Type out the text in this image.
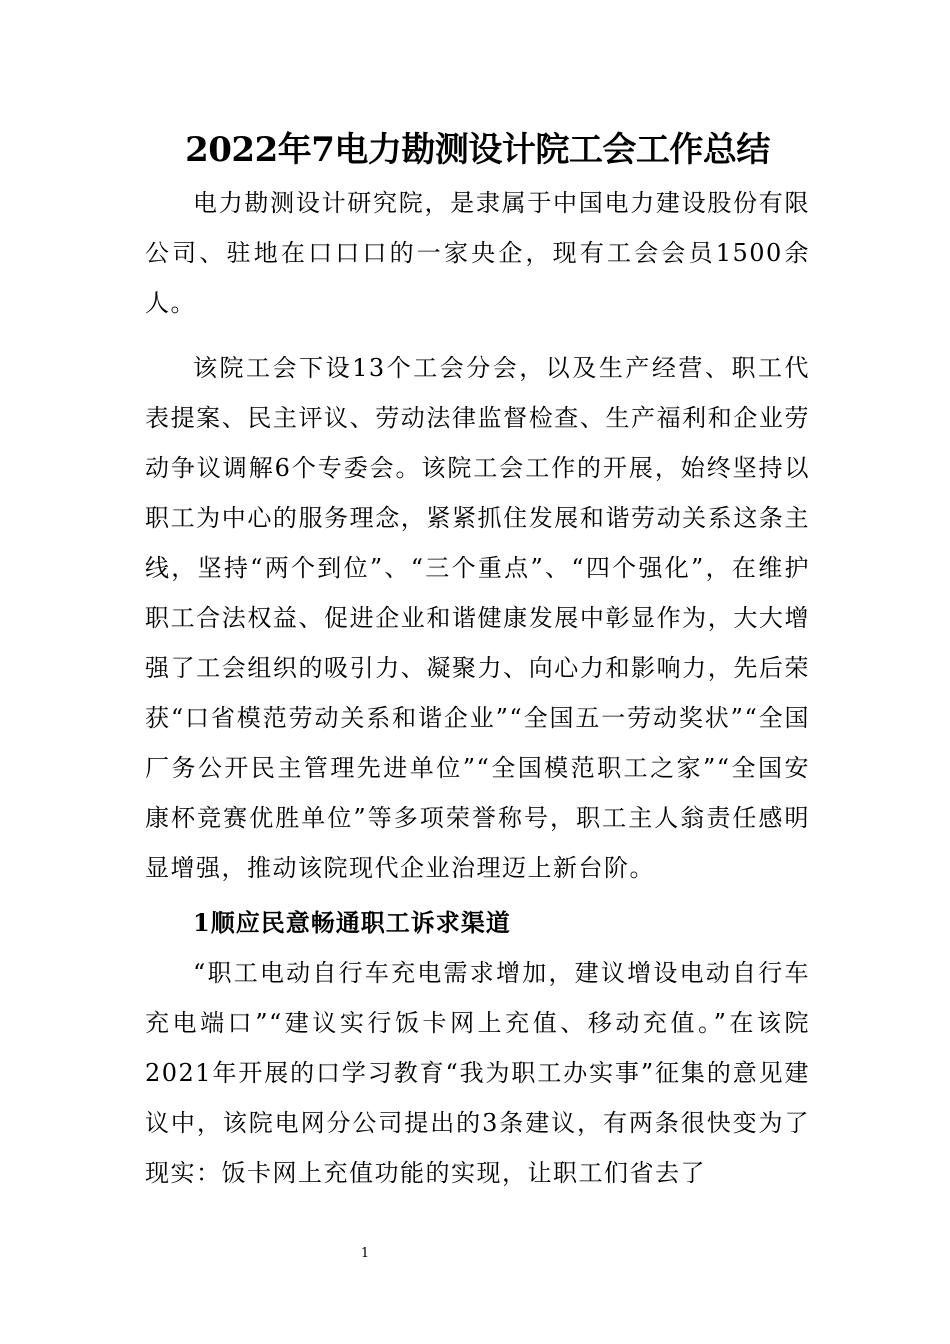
2022年7电力勘测设计院工会工作总结

电力勘测设计研究院，是隶属于中国电力建设股份有限公司、驻地在口口口的一家央企，现有工会会员1500余人。

该院工会下设13个工会分会，以及生产经营、职工代表提案、民主评议、劳动法律监督检查、生产福利和企业劳动争议调解6个专委会。该院工会工作的开展，始终坚持以职工为中心的服务理念，紧紧抓住发展和谐劳动关系这条主线，坚持“两个到位”、“三个重点”、“四个强化”，在维护职工合法权益、促进企业和谐健康发展中彰显作为，大大增强了工会组织的吸引力、凝聚力、向心力和影响力，先后荣获“口省模范劳动关系和谐企业”“全国五一劳动奖状”“全国厂务公开民主管理先进单位”“全国模范职工之家”“全国安康杯竞赛优胜单位”等多项荣誉称号，职工主人翁责任感明显增强，推动该院现代企业治理迈上新台阶。

1顺应民意畅通职工诉求渠道

“职工电动自行车充电需求增加，建议增设电动自行车充电端口”“建议实行饭卡网上充值、移动充值。”在该院2021年开展的口学习教育“我为职工办实事”征集的意见建议中，该院电网分公司提出的3条建议，有两条很快变为了现实：饭卡网上充值功能的实现，让职工们省去了

1
